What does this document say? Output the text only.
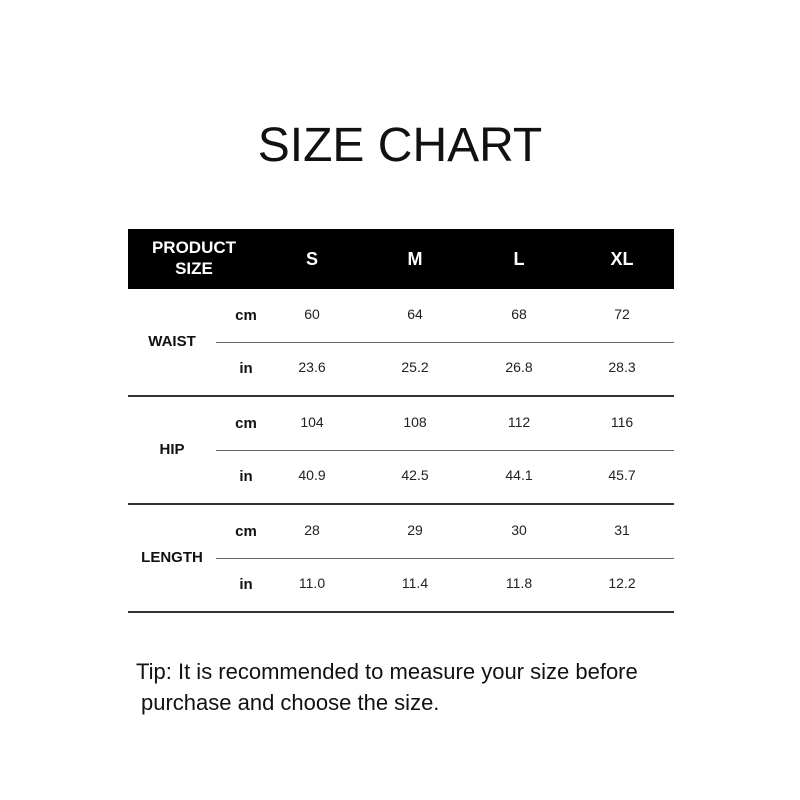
SIZE CHART
PRODUCT
SIZE	S	M	L	XL
WAIST
cm	60	64	68	72
in	23.6	25.2	26.8	28.3
HIP
cm	104	108	112	116
in	40.9	42.5	44.1	45.7
LENGTH
cm	28	29	30	31
in	11.0	11.4	11.8	12.2
Tip: It is recommended to measure your size before
purchase and choose the size.
